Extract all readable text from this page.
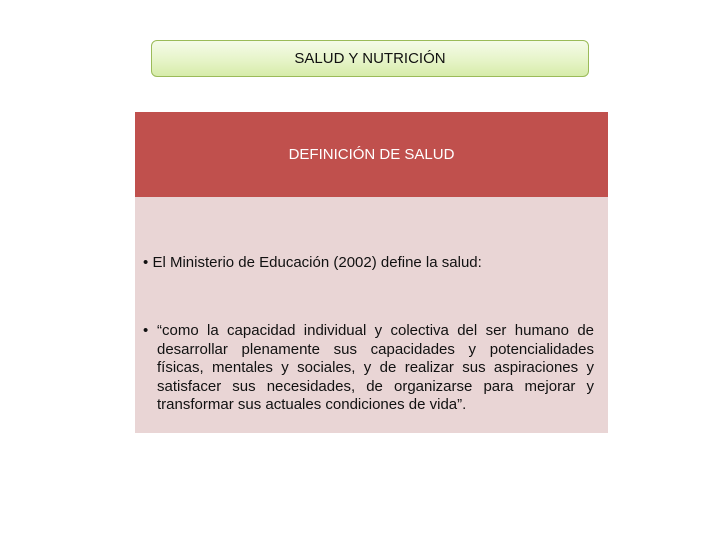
SALUD Y NUTRICIÓN
DEFINICIÓN DE SALUD
• El Ministerio de Educación (2002) define la salud:
• “como la capacidad individual y colectiva del ser humano de desarrollar plenamente sus capacidades y potencialidades físicas, mentales y sociales, y de realizar sus aspiraciones y satisfacer sus necesidades, de organizarse para mejorar y transformar sus actuales condiciones de vida”.
